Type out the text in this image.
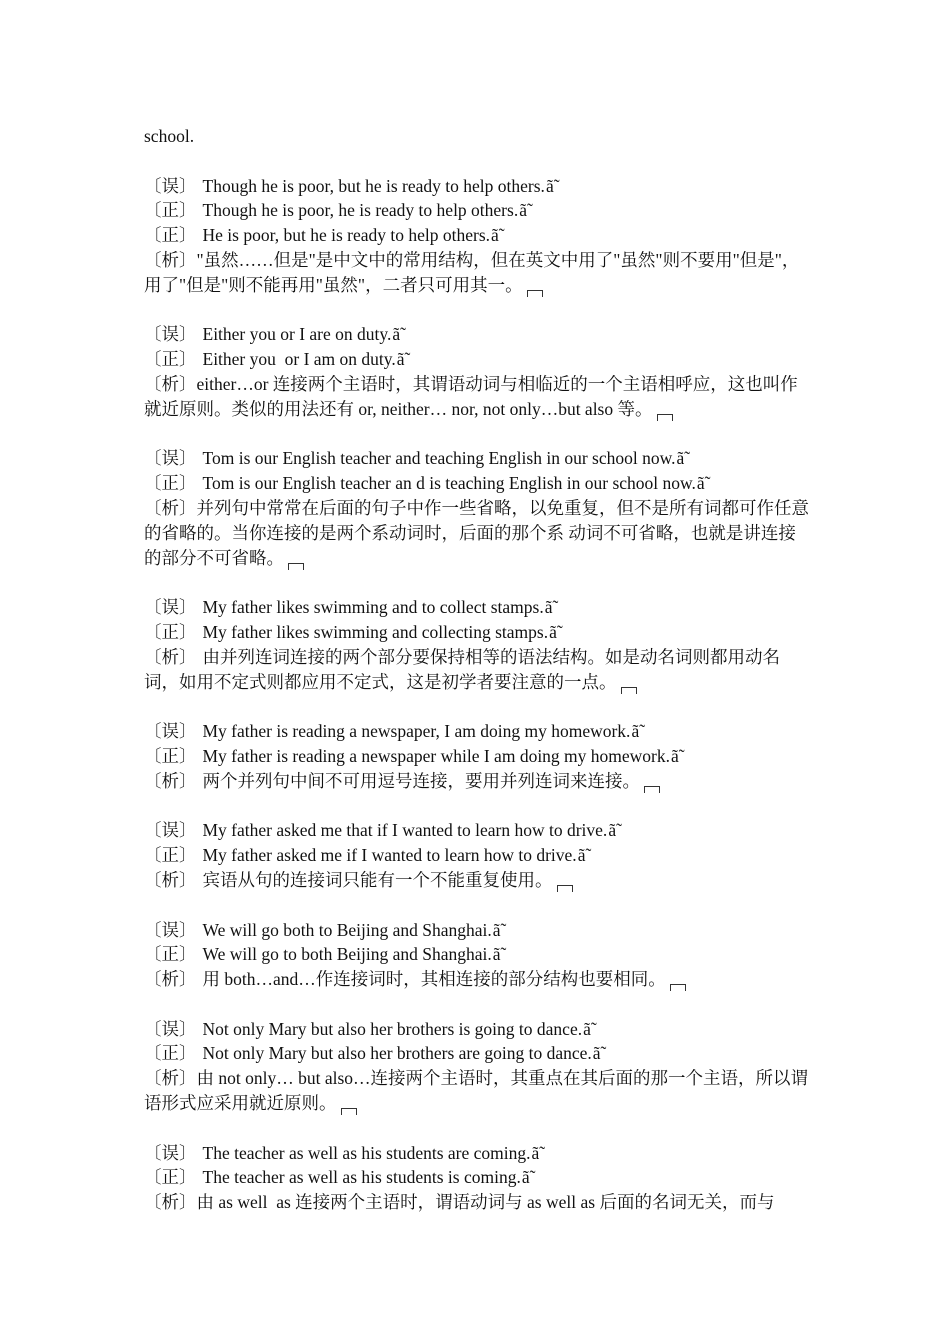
school.
〔误〕 Though he is poor, but he is ready to help others.ã̃
〔正〕 Though he is poor, he is ready to help others.ã̃
〔正〕 He is poor, but he is ready to help others.ã̃
〔析〕"虽然……但是"是中文中的常用结构，但在英文中用了"虽然"则不要用"但是"，用了"但是"则不能再用"虽然"，二者只可用其一。
〔误〕 Either you or I are on duty.ã̃
〔正〕 Either you  or I am on duty.ã̃
〔析〕either…or 连接两个主语时，其谓语动词与相临近的一个主语相呼应，这也叫作就近原则。类似的用法还有 or, neither… nor, not only…but also 等。
〔误〕 Tom is our English teacher and teaching English in our school now.ã̃
〔正〕 Tom is our English teacher an d is teaching English in our school now.ã̃
〔析〕并列句中常常在后面的句子中作一些省略，以免重复，但不是所有词都可作任意的省略的。当你连接的是两个系动词时，后面的那个系 动词不可省略，也就是讲连接的部分不可省略。
〔误〕 My father likes swimming and to collect stamps.ã̃
〔正〕 My father likes swimming and collecting stamps.ã̃
〔析〕 由并列连词连接的两个部分要保持相等的语法结构。如是动名词则都用动名词，如用不定式则都应用不定式，这是初学者要注意的一点。
〔误〕 My father is reading a newspaper, I am doing my homework.ã̃
〔正〕 My father is reading a newspaper while I am doing my homework.ã̃
〔析〕 两个并列句中间不可用逗号连接，要用并列连词来连接。
〔误〕 My father asked me that if I wanted to learn how to drive.ã̃
〔正〕 My father asked me if I wanted to learn how to drive.ã̃
〔析〕 宾语从句的连接词只能有一个不能重复使用。
〔误〕 We will go both to Beijing and Shanghai.ã̃
〔正〕 We will go to both Beijing and Shanghai.ã̃
〔析〕 用 both…and…作连接词时，其相连接的部分结构也要相同。
〔误〕 Not only Mary but also her brothers is going to dance.ã̃
〔正〕 Not only Mary but also her brothers are going to dance.ã̃
〔析〕由 not only… but also…连接两个主语时，其重点在其后面的那一个主语，所以谓语形式应采用就近原则。
〔误〕 The teacher as well as his students are coming.ã̃
〔正〕 The teacher as well as his students is coming.ã̃
〔析〕由 as well  as 连接两个主语时，谓语动词与 as well as 后面的名词无关，而与
